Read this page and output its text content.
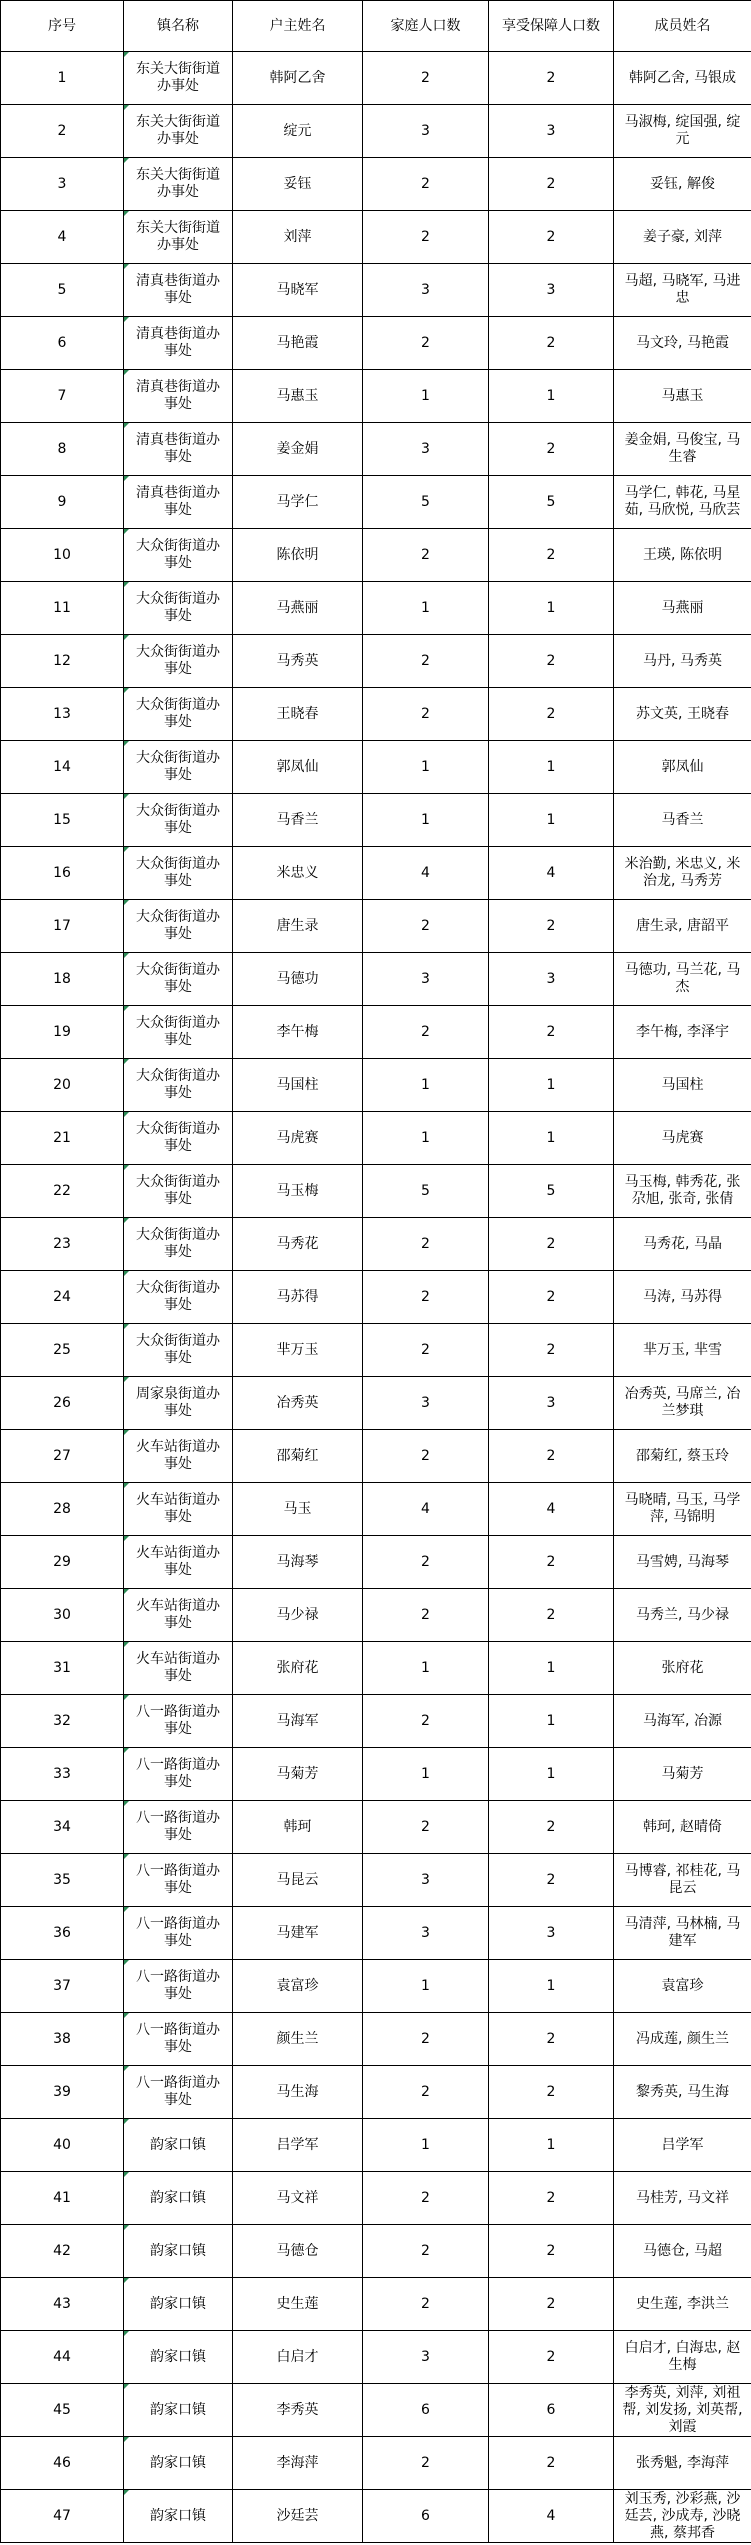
序号	镇名称	户主姓名	家庭人口数	享受保障人口数	成员姓名
1	东关大街街道办事处	韩阿乙舍	2	2	韩阿乙舍, 马银成
2	东关大街街道办事处	绽元	3	3	马淑梅, 绽国强, 绽元
3	东关大街街道办事处	妥钰	2	2	妥钰, 解俊
4	东关大街街道办事处	刘萍	2	2	姜子豪, 刘萍
5	清真巷街道办事处	马晓军	3	3	马超, 马晓军, 马进忠
6	清真巷街道办事处	马艳霞	2	2	马文玲, 马艳霞
7	清真巷街道办事处	马惠玉	1	1	马惠玉
8	清真巷街道办事处	姜金娟	3	2	姜金娟, 马俊宝, 马生睿
9	清真巷街道办事处	马学仁	5	5	马学仁, 韩花, 马星茹, 马欣悦, 马欣芸
10	大众街街道办事处	陈依明	2	2	王瑛, 陈依明
11	大众街街道办事处	马燕丽	1	1	马燕丽
12	大众街街道办事处	马秀英	2	2	马丹, 马秀英
13	大众街街道办事处	王晓春	2	2	苏文英, 王晓春
14	大众街街道办事处	郭凤仙	1	1	郭凤仙
15	大众街街道办事处	马香兰	1	1	马香兰
16	大众街街道办事处	米忠义	4	4	米治勤, 米忠义, 米治龙, 马秀芳
17	大众街街道办事处	唐生录	2	2	唐生录, 唐韶平
18	大众街街道办事处	马德功	3	3	马德功, 马兰花, 马杰
19	大众街街道办事处	李午梅	2	2	李午梅, 李泽宇
20	大众街街道办事处	马国柱	1	1	马国柱
21	大众街街道办事处	马虎赛	1	1	马虎赛
22	大众街街道办事处	马玉梅	5	5	马玉梅, 韩秀花, 张尕旭, 张奇, 张倩
23	大众街街道办事处	马秀花	2	2	马秀花, 马晶
24	大众街街道办事处	马苏得	2	2	马涛, 马苏得
25	大众街街道办事处	芈万玉	2	2	芈万玉, 芈雪
26	周家泉街道办事处	冶秀英	3	3	冶秀英, 马席兰, 冶兰梦琪
27	火车站街道办事处	邵菊红	2	2	邵菊红, 蔡玉玲
28	火车站街道办事处	马玉	4	4	马晓晴, 马玉, 马学萍, 马锦明
29	火车站街道办事处	马海琴	2	2	马雪娉, 马海琴
30	火车站街道办事处	马少禄	2	2	马秀兰, 马少禄
31	火车站街道办事处	张府花	1	1	张府花
32	八一路街道办事处	马海军	2	1	马海军, 冶源
33	八一路街道办事处	马菊芳	1	1	马菊芳
34	八一路街道办事处	韩珂	2	2	韩珂, 赵晴倚
35	八一路街道办事处	马昆云	3	2	马博睿, 祁桂花, 马昆云
36	八一路街道办事处	马建军	3	3	马清萍, 马林楠, 马建军
37	八一路街道办事处	袁富珍	1	1	袁富珍
38	八一路街道办事处	颜生兰	2	2	冯成莲, 颜生兰
39	八一路街道办事处	马生海	2	2	黎秀英, 马生海
40	韵家口镇	吕学军	1	1	吕学军
41	韵家口镇	马文祥	2	2	马桂芳, 马文祥
42	韵家口镇	马德仓	2	2	马德仓, 马超
43	韵家口镇	史生莲	2	2	史生莲, 李洪兰
44	韵家口镇	白启才	3	2	白启才, 白海忠, 赵生梅
45	韵家口镇	李秀英	6	6	李秀英, 刘萍, 刘祖帮, 刘发扬, 刘英帮, 刘霞
46	韵家口镇	李海萍	2	2	张秀魁, 李海萍
47	韵家口镇	沙廷芸	6	4	刘玉秀, 沙彩燕, 沙廷芸, 沙成寿, 沙晓燕, 蔡邦香
